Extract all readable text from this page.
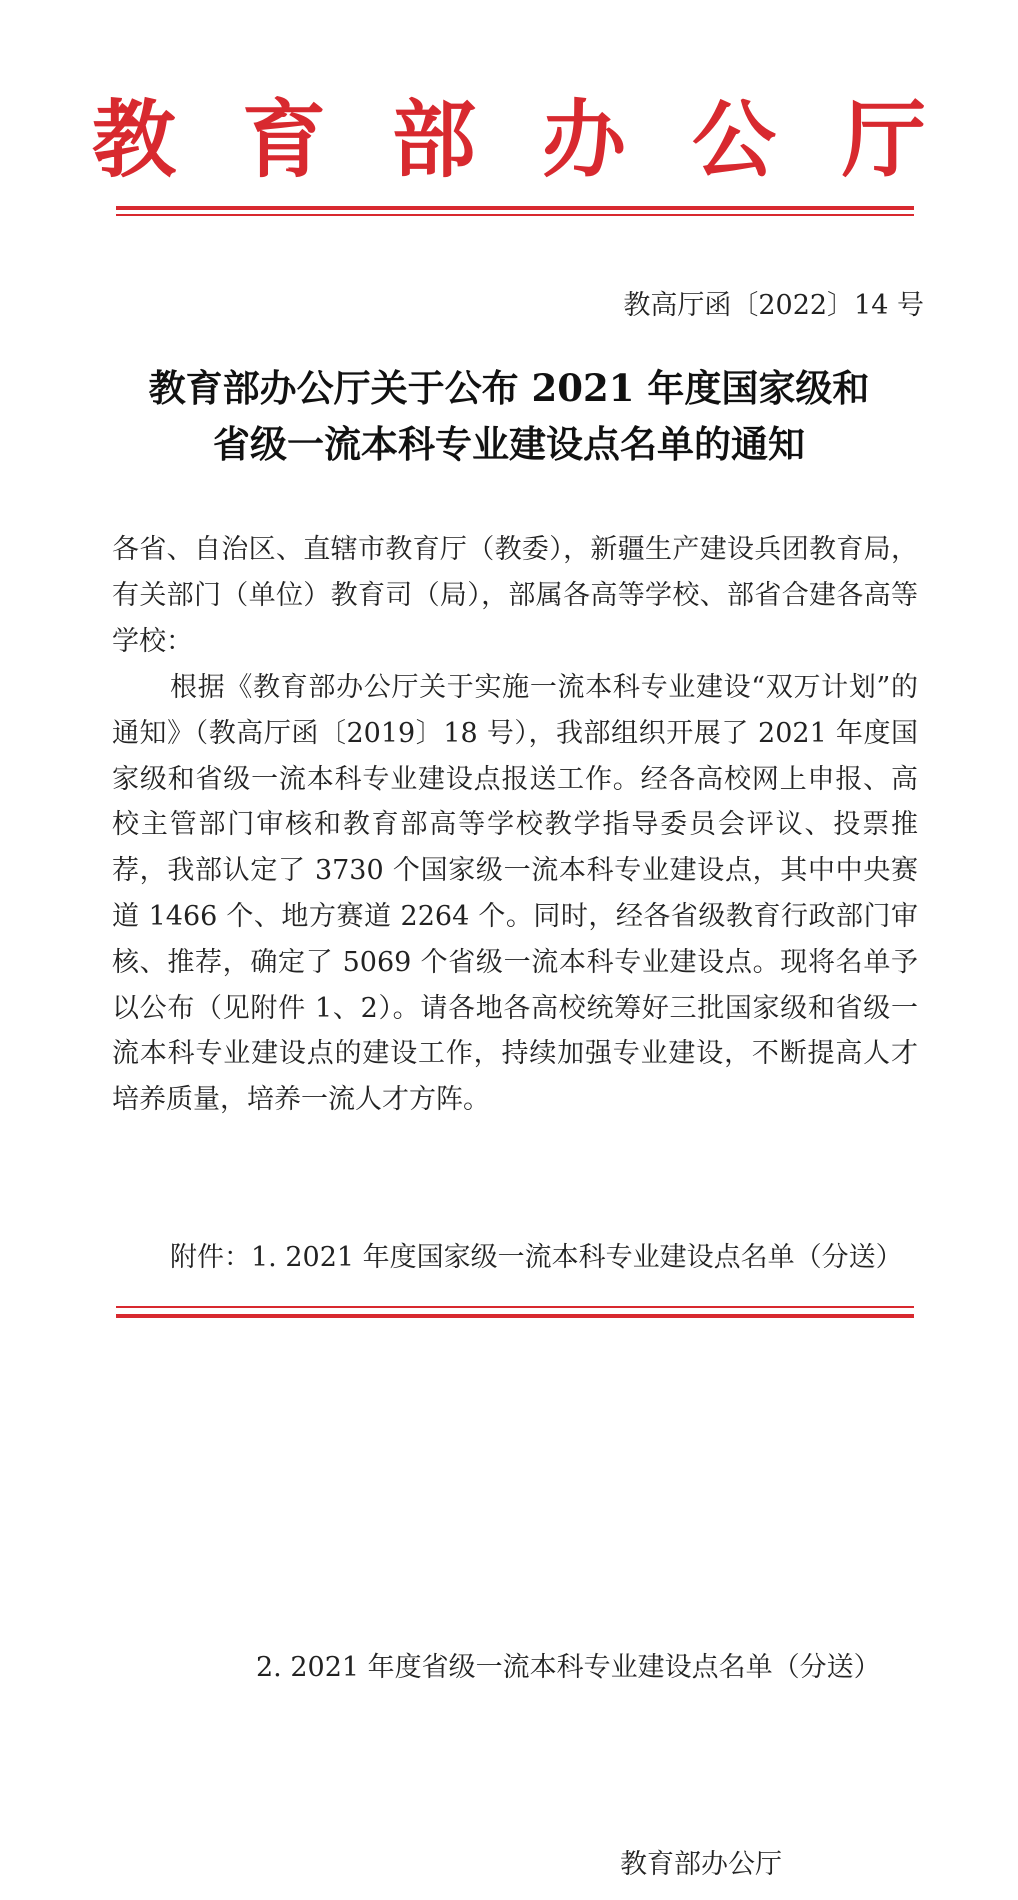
教 育 部 办 公 厅
教高厅函〔2022〕14 号
教育部办公厅关于公布 2021 年度国家级和
省级一流本科专业建设点名单的通知

各省、自治区、直辖市教育厅（教委），新疆生产建设兵团教育局，有关部门（单位）教育司（局），部属各高等学校、部省合建各高等学校：

根据《教育部办公厅关于实施一流本科专业建设“双万计划”的通知》（教高厅函〔2019〕18 号），我部组织开展了 2021 年度国家级和省级一流本科专业建设点报送工作。经各高校网上申报、高校主管部门审核和教育部高等学校教学指导委员会评议、投票推荐，我部认定了 3730 个国家级一流本科专业建设点，其中中央赛道 1466 个、地方赛道 2264 个。同时，经各省级教育行政部门审核、推荐，确定了 5069 个省级一流本科专业建设点。现将名单予以公布（见附件 1、2）。请各地各高校统筹好三批国家级和省级一流本科专业建设点的建设工作，持续加强专业建设，不断提高人才培养质量，培养一流人才方阵。

附件：1. 2021 年度国家级一流本科专业建设点名单（分送）
2. 2021 年度省级一流本科专业建设点名单（分送）
教育部办公厅
